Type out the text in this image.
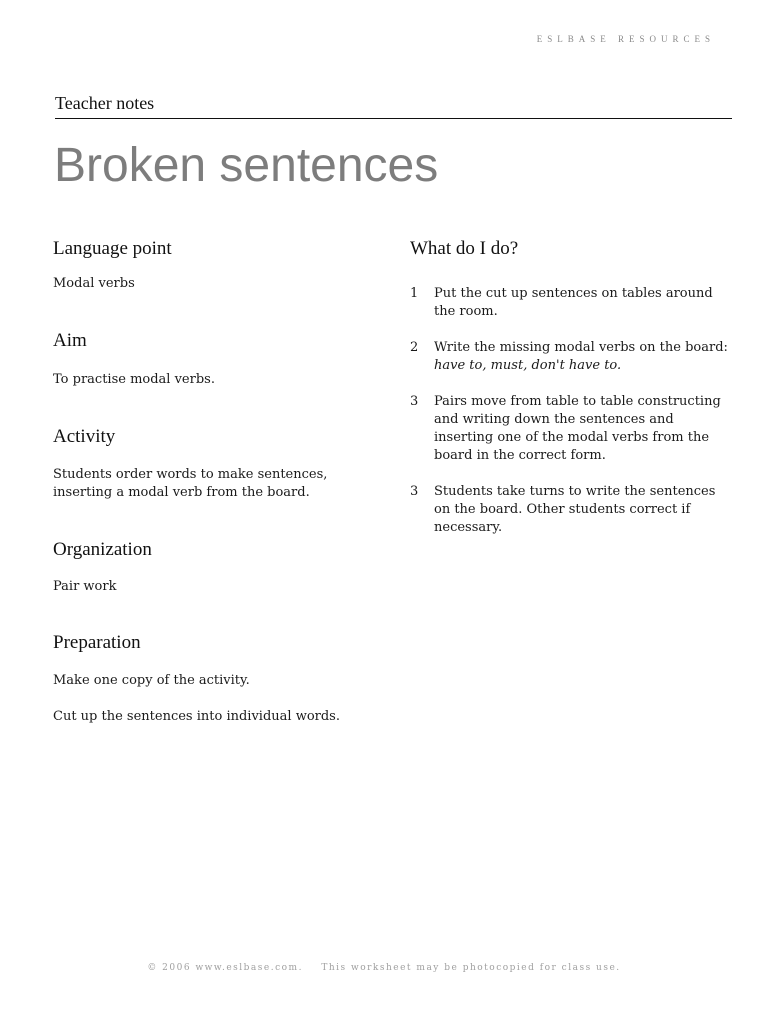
ESLBASE RESOURCES
Teacher notes
Broken sentences
Language point

Modal verbs

Aim

To practise modal verbs.

Activity

Students order words to make sentences, inserting a modal verb from the board.

Organization

Pair work

Preparation

Make one copy of the activity.

Cut up the sentences into individual words.

What do I do?
1 Put the cut up sentences on tables around the room.
2 Write the missing modal verbs on the board: have to, must, don't have to.
3 Pairs move from table to table constructing and writing down the sentences and inserting one of the modal verbs from the board in the correct form.
3 Students take turns to write the sentences on the board. Other students correct if necessary.
© 2006 www.eslbase.com. This worksheet may be photocopied for class use.
